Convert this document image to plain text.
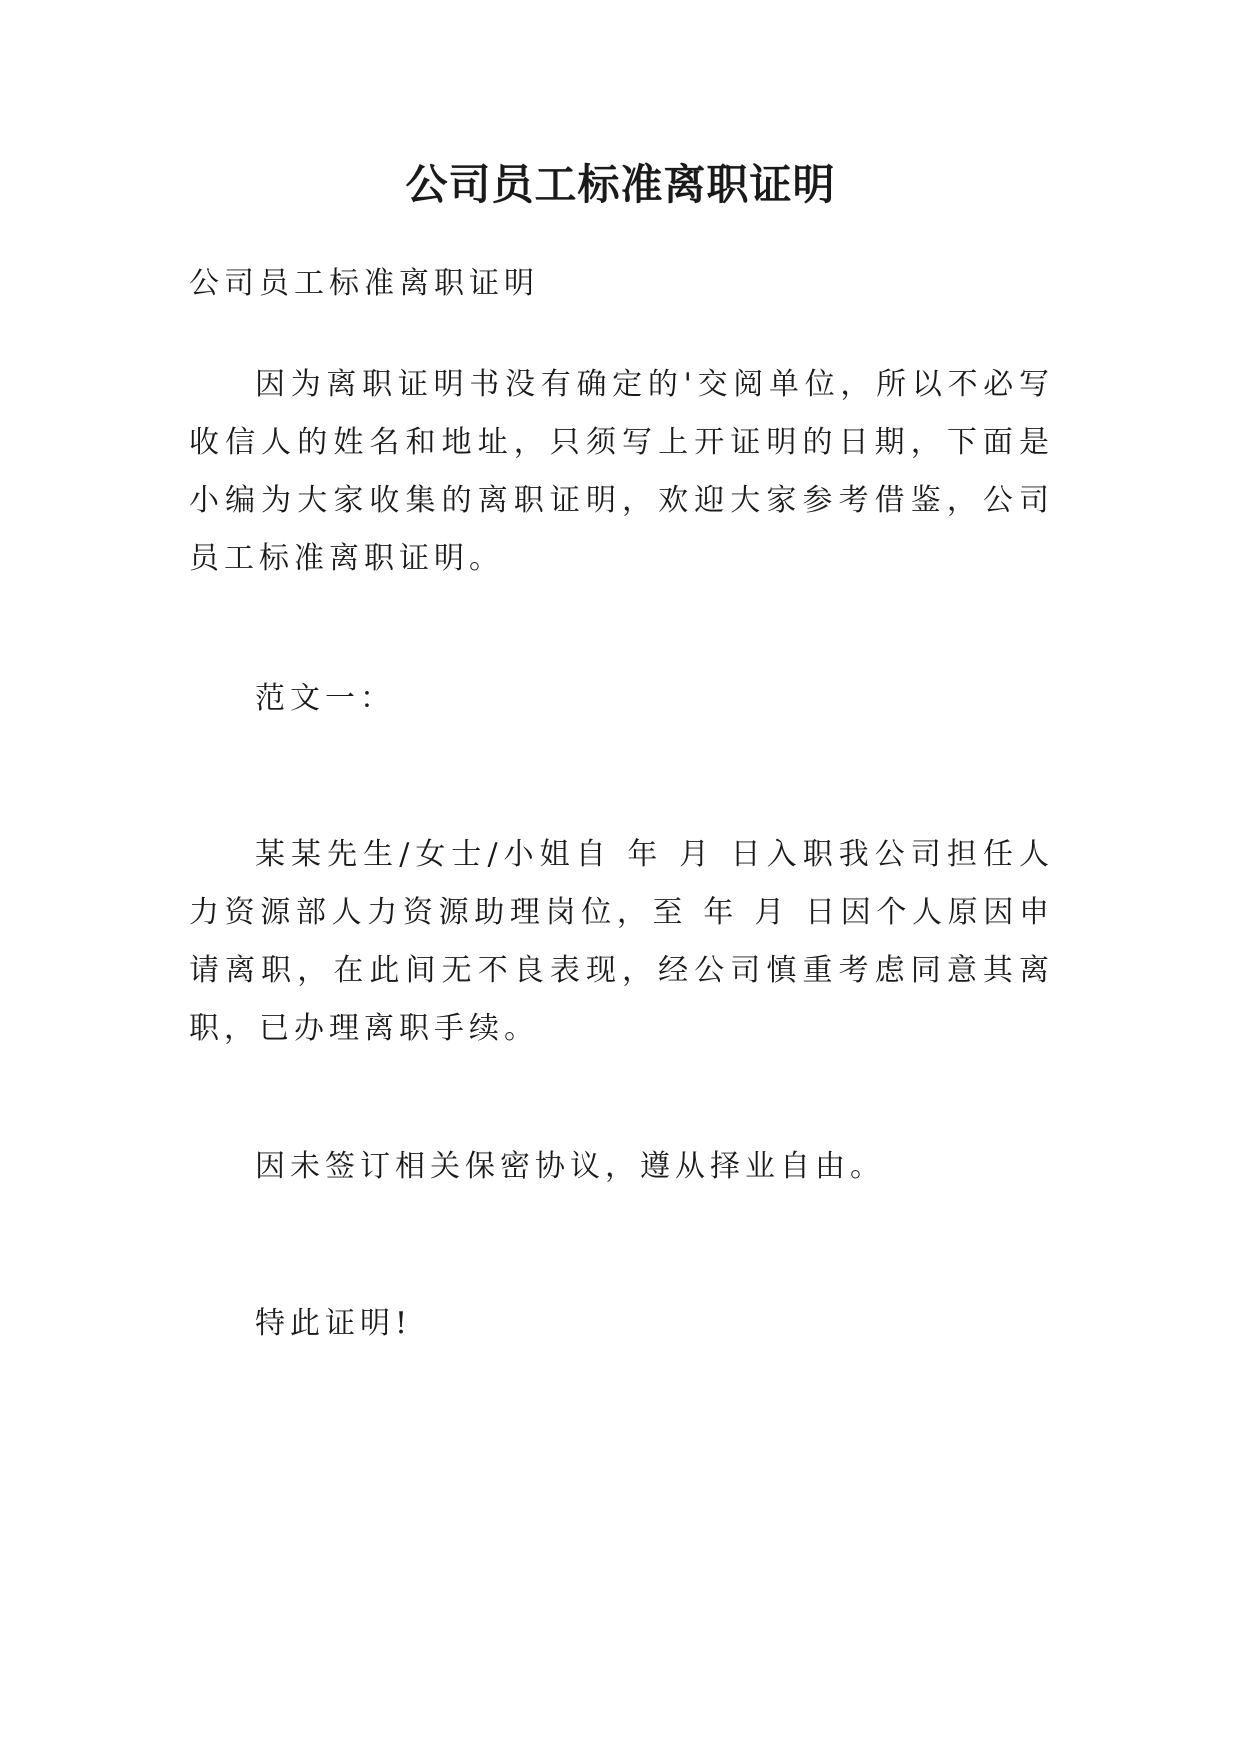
公司员工标准离职证明

公司员工标准离职证明

因为离职证明书没有确定的'交阅单位，所以不必写收信人的姓名和地址，只须写上开证明的日期，下面是小编为大家收集的离职证明，欢迎大家参考借鉴，公司员工标准离职证明。

范文一：

某某先生/女士/小姐自 年 月 日入职我公司担任人力资源部人力资源助理岗位，至 年 月 日因个人原因申请离职，在此间无不良表现，经公司慎重考虑同意其离职，已办理离职手续。

因未签订相关保密协议，遵从择业自由。

特此证明!
